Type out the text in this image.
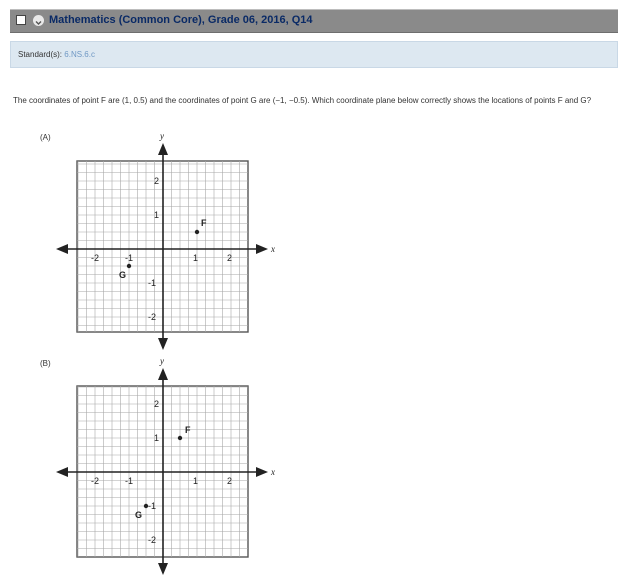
Mathematics (Common Core), Grade 06, 2016, Q14
Standard(s): 6.NS.6.c
The coordinates of point F are (1, 0.5) and the coordinates of point G are (−1, −0.5). Which coordinate plane below correctly shows the locations of points F and G?
(A)
(B)
x
y
-2	-1	1	2
2
1
-1
-2
F
G
x
y
-2	-1	1	2
2
1
-1
-2
F
G
